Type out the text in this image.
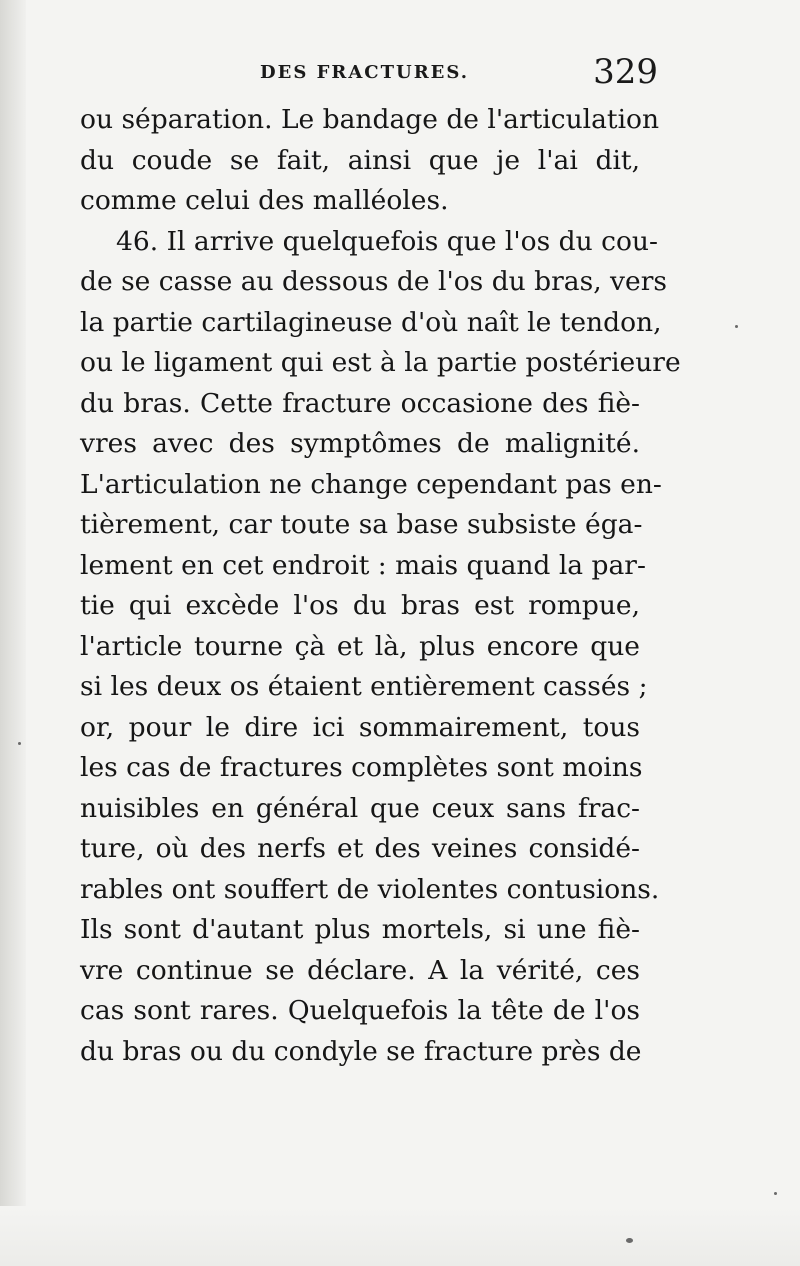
DES FRACTURES.	329
ou séparation. Le bandage de l'articulation
du coude se fait, ainsi que je l'ai dit,
comme celui des malléoles.
46. Il arrive quelquefois que l'os du cou-
de se casse au dessous de l'os du bras, vers
la partie cartilagineuse d'où naît le tendon,
ou le ligament qui est à la partie postérieure
du bras. Cette fracture occasione des fiè-
vres avec des symptômes de malignité.
L'articulation ne change cependant pas en-
tièrement, car toute sa base subsiste éga-
lement en cet endroit : mais quand la par-
tie qui excède l'os du bras est rompue,
l'article tourne çà et là, plus encore que
si les deux os étaient entièrement cassés ;
or, pour le dire ici sommairement, tous
les cas de fractures complètes sont moins
nuisibles en général que ceux sans frac-
ture, où des nerfs et des veines considé-
rables ont souffert de violentes contusions.
Ils sont d'autant plus mortels, si une fiè-
vre continue se déclare. A la vérité, ces
cas sont rares. Quelquefois la tête de l'os
du bras ou du condyle se fracture près de
